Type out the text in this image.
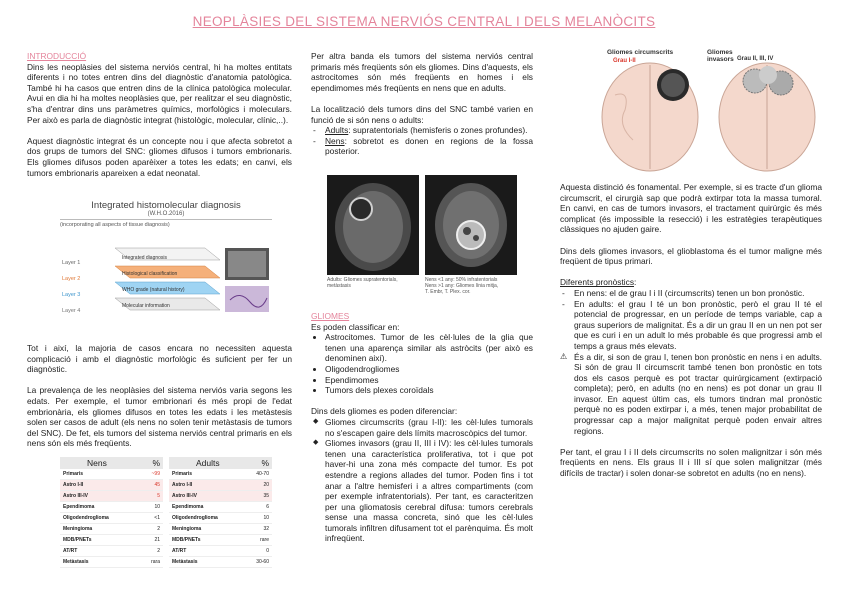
NEOPLÀSIES DEL SISTEMA NERVIÓS CENTRAL I DELS MELANÒCITS
INTRODUCCIÓ

Dins les neoplàsies del sistema nerviós central, hi ha moltes entitats diferents i no totes entren dins del diagnòstic d'anatomia patològica. També hi ha casos que entren dins de la clínica patològica molecular. Avui en dia hi ha moltes neoplàsies que, per realitzar el seu diagnòstic, s'ha d'entrar dins uns paràmetres químics, morfològics i moleculars. Per això es parla de diagnòstic integrat (histològic, molecular, clínic,..).

Aquest diagnòstic integrat és un concepte nou i que afecta sobretot a dos grups de tumors del SNC: gliomes difusos i tumors embrionaris. Els gliomes difusos poden aparèixer a totes les edats; en canvi, els tumors embrionaris apareixen a edat neonatal.

Integrated histomolecular diagnosis
(W.H.O.2016)
(incorporating all aspects of tissue diagnosis)
Layer 1
Layer 2
Layer 3
Layer 4
Integrated diagnosis
Histological classification
WHO grade (natural history)
Molecular information

Tot i així, la majoria de casos encara no necessiten aquesta complicació i amb el diagnòstic morfològic és suficient per fer un diagnòstic.

La prevalença de les neoplàsies del sistema nerviós varia segons les edats. Per exemple, el tumor embrionari és més propi de l'edat embrionària, els gliomes difusos en totes les edats i les metàstesis solen ser casos de adult (els nens no solen tenir metàstasis de tumors del SNC). De fet, els tumors del sistema nerviós central primaris en els nens són els més freqüents.

Nens	%
Primaris	~99
Astro I-II	45
Astro III-IV	5
Ependimoma	10
Oligodendroglioma	<1
Meningioma	2
MDB/PNETs	21
AT/RT	2
Metàstasis	rara
Adults	%
Primaris	40-70
Astro I-II	20
Astro III-IV	35
Ependimoma	6
Oligodendroglioma	10
Meningioma	32
MDB/PNETs	rare
AT/RT	0
Metàstasis	30-60

Per altra banda els tumors del sistema nerviós central primaris més freqüents són els gliomes. Dins d'aquests, els astrocitomes són més freqüents en homes i els ependimomes més freqüents en nens que en adults.

La localització dels tumors dins del SNC també varien en funció de si són nens o adults:

- Adults: supratentorials (hemisferis o zones profundes).
- Nens: sobretot es donen en regions de la fossa posterior.
Adults: Gliomes supratentorials, metàstasis
Nens <1 any: 50% infratentorials
Nens >1 any: Gliomes línia mitja,
T. Embr, T. Plex. cor.
GLIOMES
Es poden classificar en:
• Astrocitomes. Tumor de les cèl·lules de la glia que tenen una aparença similar als astròcits (per això es denominen així).
• Oligodendrogliomes
• Ependimomes
• Tumors dels plexes coroïdals
Dins dels gliomes es poden diferenciar:
◆ Gliomes circumscrits (grau I-II): les cèl·lules tumorals no s'escapen gaire dels límits macroscòpics del tumor.
◆ Gliomes invasors (grau II, III i IV): les cèl·lules tumorals tenen una característica proliferativa, tot i que pot haver-hi una zona més compacte del tumor. Es pot estendre a regions allades del tumor. Poden fins i tot anar a l'altre hemisferi i a altres compartiments (com per exemple infratentorials). Per tant, es caracteritzen per una gliomatosis cerebral difusa: tumors cerebrals sense una massa concreta, sinó que les cèl·lules tumorals infiltren difusament tot el parènquima. És molt infreqüent.
Gliomes circumscrits
Grau I-II
Gliomes invasors Grau II, III, IV

Aquesta distinció és fonamental. Per exemple, si es tracte d'un glioma circumscrit, el cirurgià sap que podrà extirpar tota la massa tumoral. En canvi, en cas de tumors invasors, el tractament quirúrgic és més complicat (és impossible la resecció) i les estratègies terapèutiques clàssiques no ajuden gaire.

Dins dels gliomes invasors, el glioblastoma és el tumor maligne més freqüent de tipus primari.

Diferents pronòstics:
- En nens: el de grau I i II (circumscrits) tenen un bon pronòstic.
- En adults: el grau I té un bon pronòstic, però el grau II té el potencial de progressar, en un període de temps variable, cap a graus superiors de malignitat. És a dir un grau II en un nen pot ser que es curi i en un adult lo més probable és que progressi amb el temps a graus més elevats.
⚠ És a dir, si son de grau I, tenen bon pronòstic en nens i en adults. Si són de grau II circumscrit també tenen bon pronòstic en tots dos els casos perquè es pot tractar quirúrgicament (extirpació completa); però, en adults (no en nens) es pot donar un grau II invasor. En aquest últim cas, els tumors tindran mal pronòstic perquè no es poden extirpar i, a més, tenen major probabilitat de progressar cap a major malignitat perquè poden envair altres regions.

Per tant, el grau I i II dels circumscrits no solen malignitzar i són més freqüents en nens. Els graus II i III sí que solen malignitzar (més difícils de tractar) i solen donar-se sobretot en adults (no en nens).
